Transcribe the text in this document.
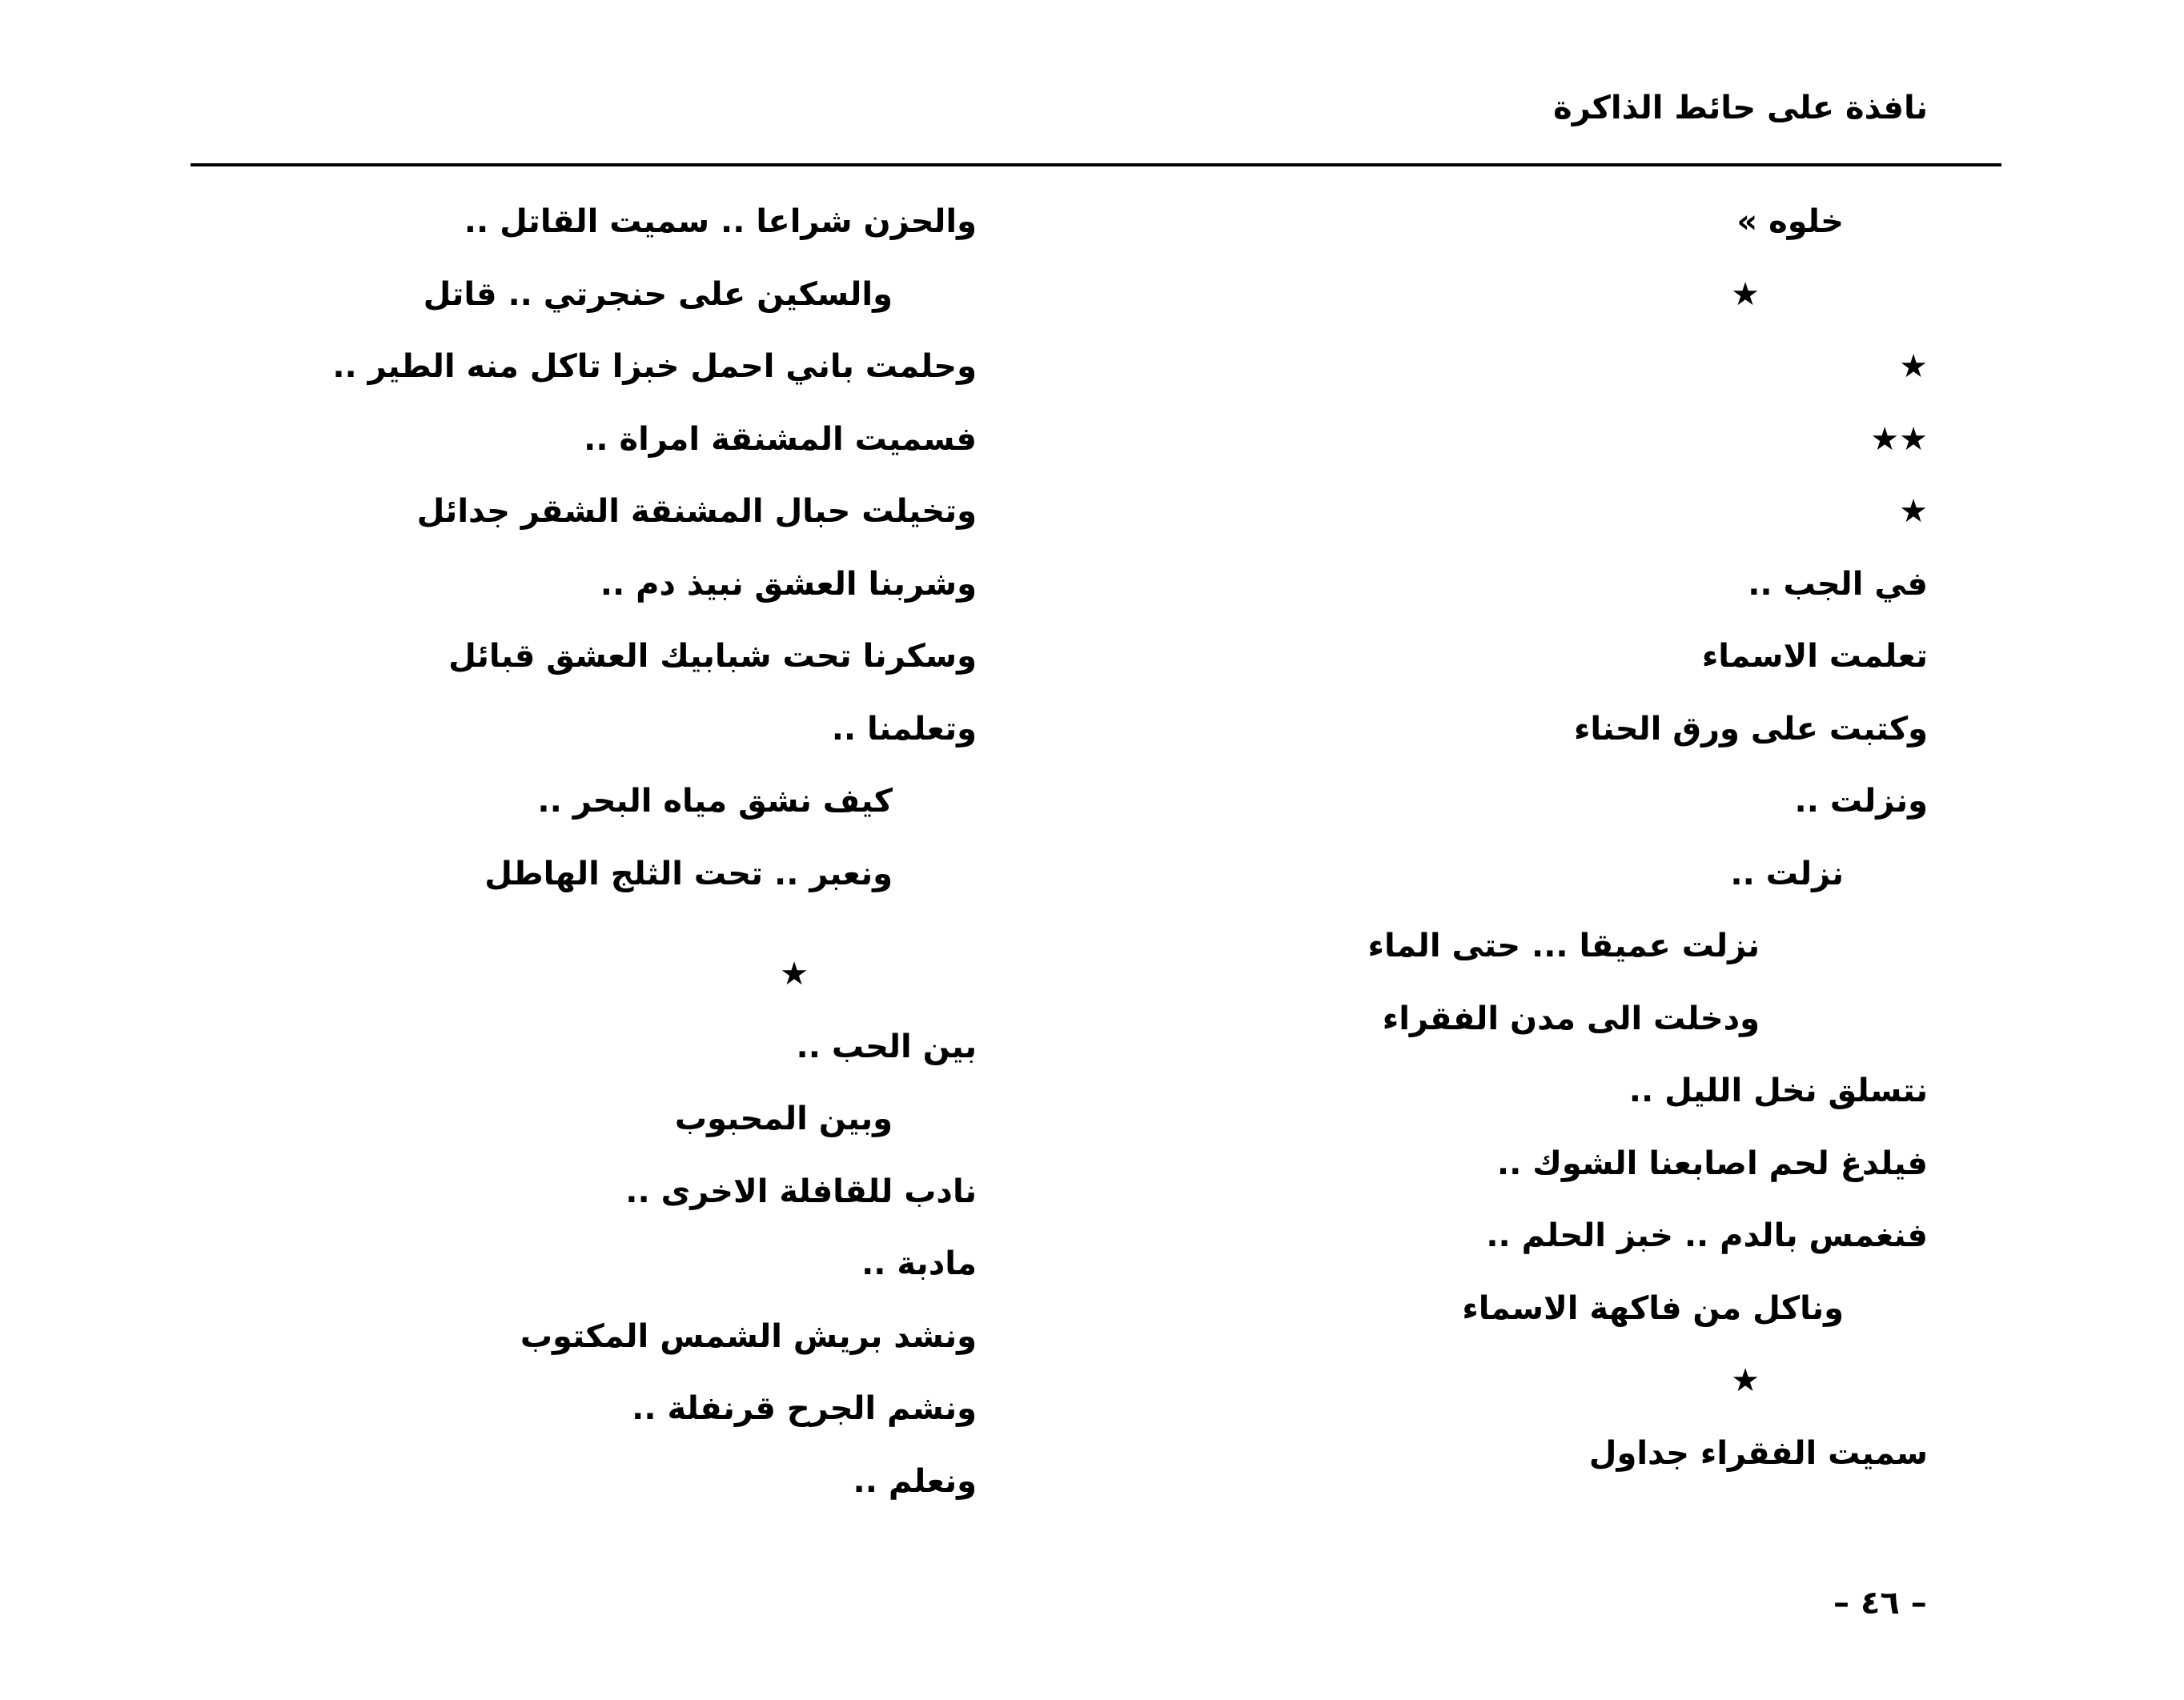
نافذة على حائط الذاكرة
خلوه »
★
★
★★
★
في الجب ..
تعلمت الاسماء
وكتبت على ورق الحناء
ونزلت ..
نزلت ..
نزلت عميقا ... حتى الماء
ودخلت الى مدن الفقراء
نتسلق نخل الليل ..
فيلدغ لحم اصابعنا الشوك ..
فنغمس بالدم .. خبز الحلم ..
وناكل من فاكهة الاسماء
★
سميت الفقراء جداول
والحزن شراعا .. سميت القاتل ..
والسكين على حنجرتي .. قاتل
وحلمت باني احمل خبزا تاكل منه الطير ..
فسميت المشنقة امراة ..
وتخيلت حبال المشنقة الشقر جدائل
وشربنا العشق نبيذ دم ..
وسكرنا تحت شبابيك العشق قبائل
وتعلمنا ..
كيف نشق مياه البحر ..
ونعبر .. تحت الثلج الهاطل
★
بين الحب ..
وبين المحبوب
نادب للقافلة الاخرى ..
مادبة ..
ونشد بريش الشمس المكتوب
ونشم الجرح قرنفلة ..
ونعلم ..
– ٤٦ –
